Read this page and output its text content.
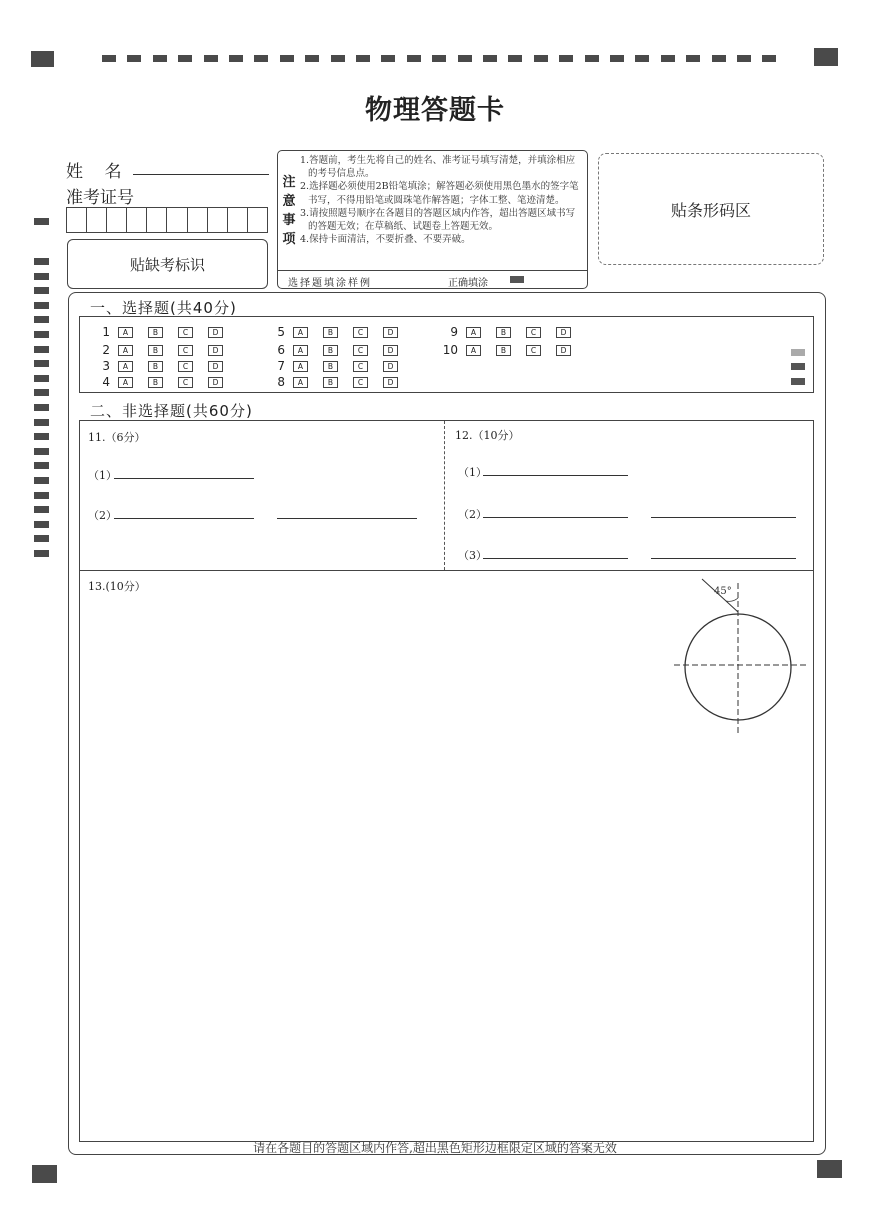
物理答题卡
姓    名
准考证号
贴缺考标识
注
意
事
项
1.答题前，考生先将自己的姓名、准考证号填写清楚，并填涂相应的考号信息点。
2.选择题必须使用2B铅笔填涂；解答题必须使用黑色墨水的签字笔书写，不得用铅笔或圆珠笔作解答题；字体工整、笔迹清楚。
3.请按照题号顺序在各题目的答题区域内作答，超出答题区域书写的答题无效；在草稿纸、试题卷上答题无效。
4.保持卡面清洁，不要折叠、不要弄破。
选择题填涂样例	正确填涂
贴条形码区
一、选择题(共40分)
1	A	B	C	D
2	A	B	C	D
3	A	B	C	D
4	A	B	C	D
5	A	B	C	D
6	A	B	C	D
7	A	B	C	D
8	A	B	C	D
9	A	B	C	D
10	A	B	C	D
二、非选择题(共60分)
11.（6分）
（1）
（2）
12.（10分）
（1）
（2）
（3）
13.(10分）	45°
请在各题目的答题区域内作答,超出黑色矩形边框限定区域的答案无效
